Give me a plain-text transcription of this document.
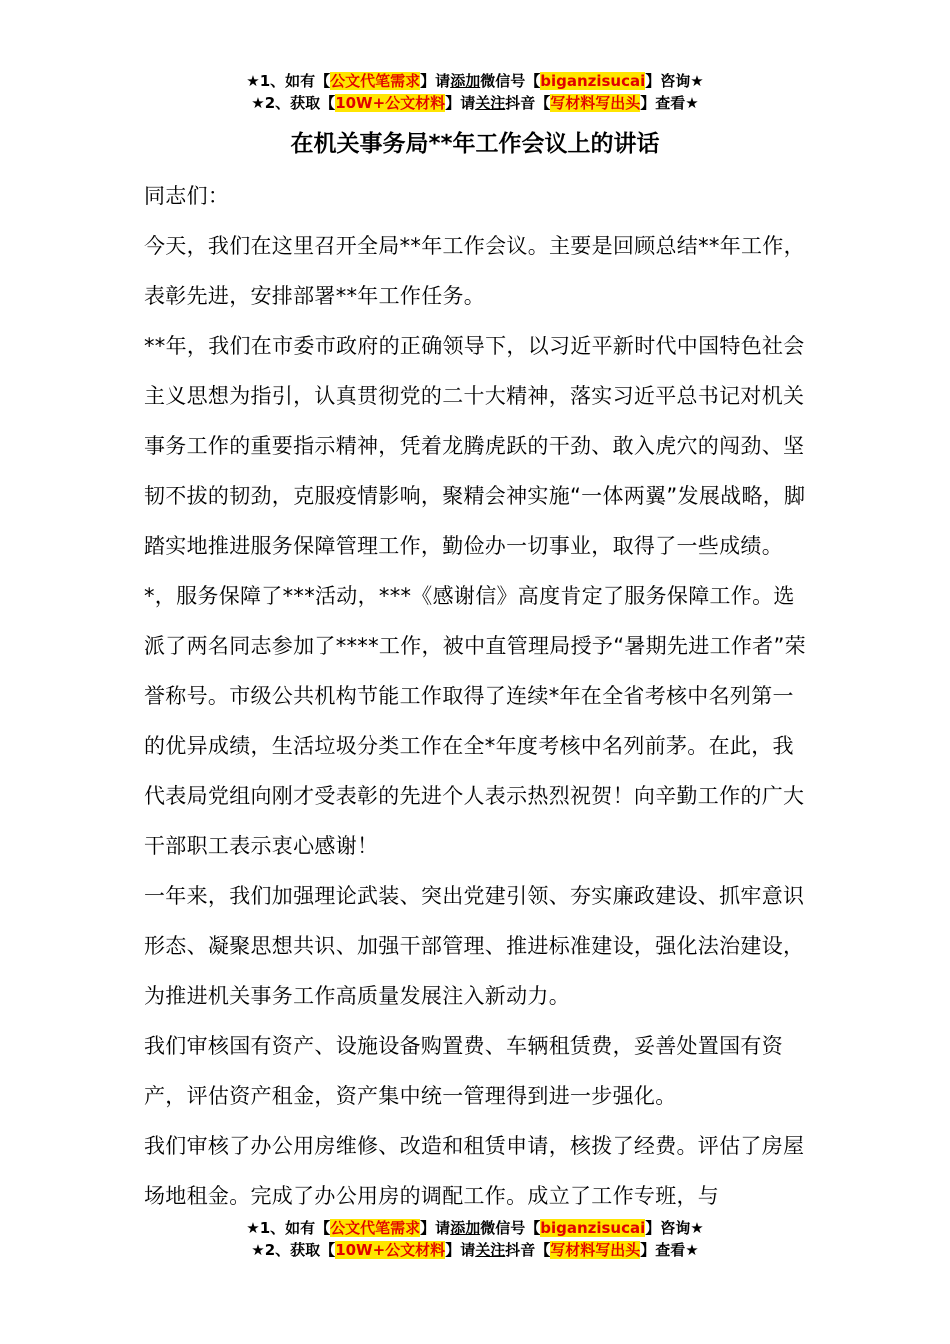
★1、如有【公文代笔需求】请添加微信号【biganzisucai】咨询★
★2、获取【10W+公文材料】请关注抖音【写材料写出头】查看★
在机关事务局**年工作会议上的讲话

同志们：

今天，我们在这里召开全局**年工作会议。主要是回顾总结**年工作，表彰先进，安排部署**年工作任务。

**年，我们在市委市政府的正确领导下，以习近平新时代中国特色社会主义思想为指引，认真贯彻党的二十大精神，落实习近平总书记对机关事务工作的重要指示精神，凭着龙腾虎跃的干劲、敢入虎穴的闯劲、坚韧不拔的韧劲，克服疫情影响，聚精会神实施“一体两翼”发展战略，脚踏实地推进服务保障管理工作，勤俭办一切事业，取得了一些成绩。*，服务保障了***活动，***《感谢信》高度肯定了服务保障工作。选派了两名同志参加了****工作，被中直管理局授予“暑期先进工作者”荣誉称号。市级公共机构节能工作取得了连续*年在全省考核中名列第一的优异成绩，生活垃圾分类工作在全*年度考核中名列前茅。在此，我代表局党组向刚才受表彰的先进个人表示热烈祝贺！向辛勤工作的广大干部职工表示衷心感谢！

一年来，我们加强理论武装、突出党建引领、夯实廉政建设、抓牢意识形态、凝聚思想共识、加强干部管理、推进标准建设，强化法治建设，为推进机关事务工作高质量发展注入新动力。

我们审核国有资产、设施设备购置费、车辆租赁费，妥善处置国有资产，评估资产租金，资产集中统一管理得到进一步强化。

我们审核了办公用房维修、改造和租赁申请，核拨了经费。评估了房屋场地租金。完成了办公用房的调配工作。成立了工作专班，与

★1、如有【公文代笔需求】请添加微信号【biganzisucai】咨询★
★2、获取【10W+公文材料】请关注抖音【写材料写出头】查看★
